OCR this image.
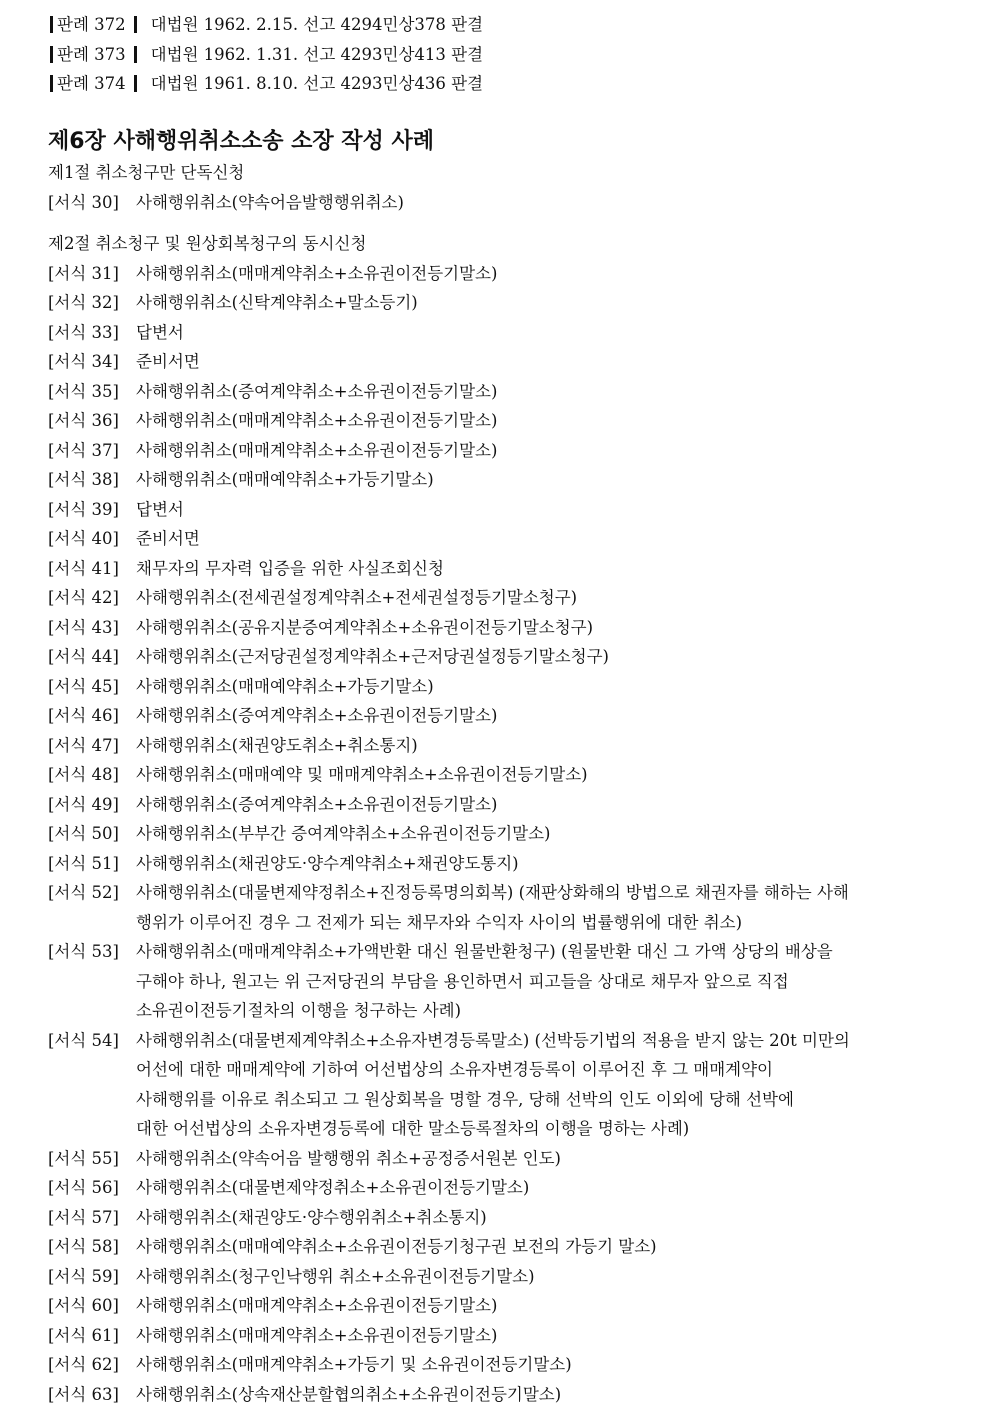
판례 372 대법원 1962. 2.15. 선고 4294민상378 판결
판례 373 대법원 1962. 1.31. 선고 4293민상413 판결
판례 374 대법원 1961. 8.10. 선고 4293민상436 판결
제6장 사해행위취소소송 소장 작성 사례
제1절 취소청구만 단독신청
[서식 30]	사해행위취소(약속어음발행행위취소)
제2절 취소청구 및 원상회복청구의 동시신청
[서식 31]	사해행위취소(매매계약취소+소유권이전등기말소)
[서식 32]	사해행위취소(신탁계약취소+말소등기)
[서식 33]	답변서
[서식 34]	준비서면
[서식 35]	사해행위취소(증여계약취소+소유권이전등기말소)
[서식 36]	사해행위취소(매매계약취소+소유권이전등기말소)
[서식 37]	사해행위취소(매매계약취소+소유권이전등기말소)
[서식 38]	사해행위취소(매매예약취소+가등기말소)
[서식 39]	답변서
[서식 40]	준비서면
[서식 41]	채무자의 무자력 입증을 위한 사실조회신청
[서식 42]	사해행위취소(전세권설정계약취소+전세권설정등기말소청구)
[서식 43]	사해행위취소(공유지분증여계약취소+소유권이전등기말소청구)
[서식 44]	사해행위취소(근저당권설정계약취소+근저당권설정등기말소청구)
[서식 45]	사해행위취소(매매예약취소+가등기말소)
[서식 46]	사해행위취소(증여계약취소+소유권이전등기말소)
[서식 47]	사해행위취소(채권양도취소+취소통지)
[서식 48]	사해행위취소(매매예약 및 매매계약취소+소유권이전등기말소)
[서식 49]	사해행위취소(증여계약취소+소유권이전등기말소)
[서식 50]	사해행위취소(부부간 증여계약취소+소유권이전등기말소)
[서식 51]	사해행위취소(채권양도·양수계약취소+채권양도통지)
[서식 52]	사해행위취소(대물변제약정취소+진정등록명의회복) (재판상화해의 방법으로 채권자를 해하는 사해
행위가 이루어진 경우 그 전제가 되는 채무자와 수익자 사이의 법률행위에 대한 취소)
[서식 53]	사해행위취소(매매계약취소+가액반환 대신 원물반환청구) (원물반환 대신 그 가액 상당의 배상을
구해야 하나, 원고는 위 근저당권의 부담을 용인하면서 피고들을 상대로 채무자 앞으로 직접
소유권이전등기절차의 이행을 청구하는 사례)
[서식 54]	사해행위취소(대물변제계약취소+소유자변경등록말소) (선박등기법의 적용을 받지 않는 20t 미만의
어선에 대한 매매계약에 기하여 어선법상의 소유자변경등록이 이루어진 후 그 매매계약이
사해행위를 이유로 취소되고 그 원상회복을 명할 경우, 당해 선박의 인도 이외에 당해 선박에
대한 어선법상의 소유자변경등록에 대한 말소등록절차의 이행을 명하는 사례)
[서식 55]	사해행위취소(약속어음 발행행위 취소+공정증서원본 인도)
[서식 56]	사해행위취소(대물변제약정취소+소유권이전등기말소)
[서식 57]	사해행위취소(채권양도·양수행위취소+취소통지)
[서식 58]	사해행위취소(매매예약취소+소유권이전등기청구권 보전의 가등기 말소)
[서식 59]	사해행위취소(청구인낙행위 취소+소유권이전등기말소)
[서식 60]	사해행위취소(매매계약취소+소유권이전등기말소)
[서식 61]	사해행위취소(매매계약취소+소유권이전등기말소)
[서식 62]	사해행위취소(매매계약취소+가등기 및 소유권이전등기말소)
[서식 63]	사해행위취소(상속재산분할협의취소+소유권이전등기말소)
